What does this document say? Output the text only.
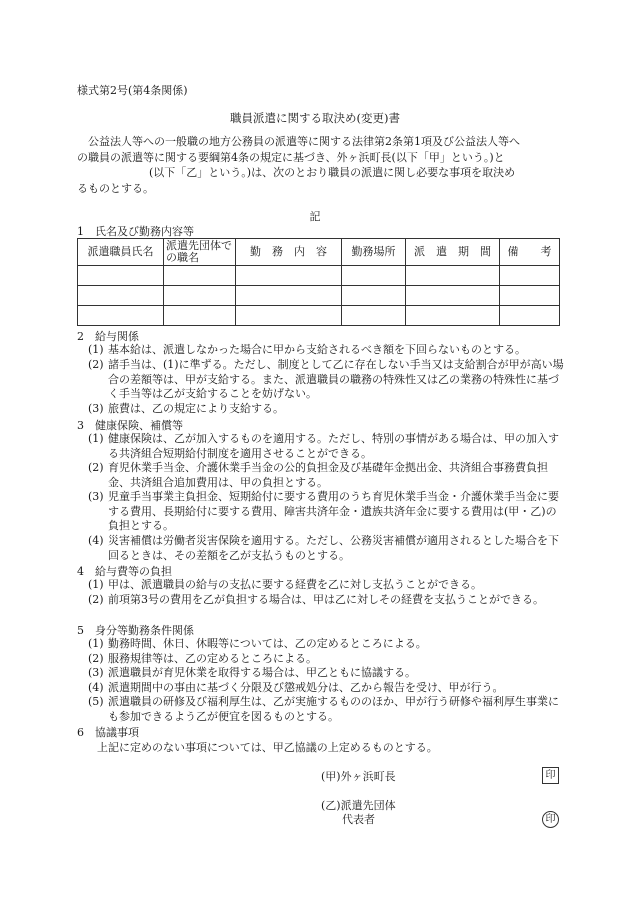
様式第2号(第4条関係)
職員派遣に関する取決め(変更)書

公益法人等への一般職の地方公務員の派遣等に関する法律第2条第1項及び公益法人等へ

の職員の派遣等に関する要綱第4条の規定に基づき、外ヶ浜町長(以下「甲」という。)と

(以下「乙」という。)は、次のとおり職員の派遣に関し必要な事項を取決め

るものとする。

記
1　氏名及び勤務内容等
派遣職員氏名	派遣先団体での職名	勤　務　内　容	勤務場所	派　遣　期　間	備　　考

2　給与関係
(1) 基本給は、派遣しなかった場合に甲から支給されるべき額を下回らないものとする。
(2) 諸手当は、(1)に準ずる。ただし、制度として乙に存在しない手当又は支給割合が甲が高い場合の差額等は、甲が支給する。また、派遣職員の職務の特殊性又は乙の業務の特殊性に基づく手当等は乙が支給することを妨げない。
(3) 旅費は、乙の規定により支給する。
3　健康保険、補償等
(1) 健康保険は、乙が加入するものを適用する。ただし、特別の事情がある場合は、甲の加入する共済組合短期給付制度を適用させることができる。
(2) 育児休業手当金、介護休業手当金の公的負担金及び基礎年金拠出金、共済組合事務費負担金、共済組合追加費用は、甲の負担とする。
(3) 児童手当事業主負担金、短期給付に要する費用のうち育児休業手当金・介護休業手当金に要する費用、長期給付に要する費用、障害共済年金・遺族共済年金に要する費用は(甲・乙)の負担とする。
(4) 災害補償は労働者災害保険を適用する。ただし、公務災害補償が適用されるとした場合を下回るときは、その差額を乙が支払うものとする。
4　給与費等の負担
(1) 甲は、派遣職員の給与の支払に要する経費を乙に対し支払うことができる。
(2) 前項第3号の費用を乙が負担する場合は、甲は乙に対しその経費を支払うことができる。
5　身分等勤務条件関係
(1) 勤務時間、休日、休暇等については、乙の定めるところによる。
(2) 服務規律等は、乙の定めるところによる。
(3) 派遣職員が育児休業を取得する場合は、甲乙ともに協議する。
(4) 派遣期間中の事由に基づく分限及び懲戒処分は、乙から報告を受け、甲が行う。
(5) 派遣職員の研修及び福利厚生は、乙が実施するもののほか、甲が行う研修や福利厚生事業にも参加できるよう乙が便宜を図るものとする。
6　協議事項
上記に定めのない事項については、甲乙協議の上定めるものとする。
(甲)外ヶ浜町長	印
(乙)派遣先団体
代表者	印
